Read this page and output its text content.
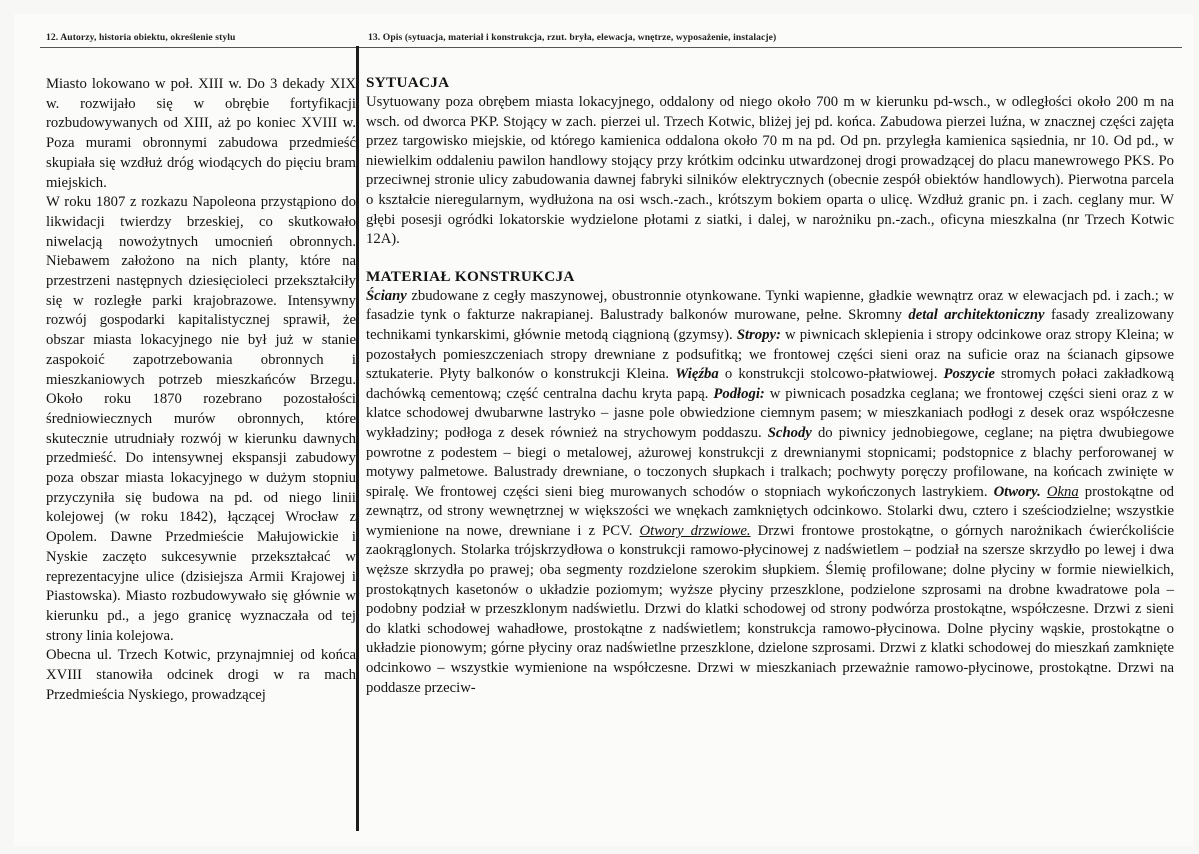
12. Autorzy, historia obiektu, określenie stylu	13. Opis (sytuacja, materiał i konstrukcja, rzut. bryła, elewacja, wnętrze, wyposażenie, instalacje)

Miasto lokowano w poł. XIII w. Do 3 dekady XIX w. rozwijało się w obrębie fortyfikacji rozbudowywanych od XIII, aż po koniec XVIII w. Poza murami obronnymi zabudowa przedmieść skupiała się wzdłuż dróg wiodących do pięciu bram miejskich.

W roku 1807 z rozkazu Napoleona przystąpiono do likwidacji twierdzy brzeskiej, co skutkowało niwelacją nowożytnych umocnień obronnych. Niebawem założono na nich planty, które na przestrzeni następnych dziesięcioleci przekształciły się w rozległe parki krajobrazowe. Intensywny rozwój gospodarki kapitalistycznej sprawił, że obszar miasta lokacyjnego nie był już w stanie zaspokoić zapotrzebowania obronnych i mieszkaniowych potrzeb mieszkańców Brzegu. Około roku 1870 rozebrano pozostałości średniowiecznych murów obronnych, które skutecznie utrudniały rozwój w kierunku dawnych przedmieść. Do intensywnej ekspansji zabudowy poza obszar miasta lokacyjnego w dużym stopniu przyczyniła się budowa na pd. od niego linii kolejowej (w roku 1842), łączącej Wrocław z Opolem. Dawne Przedmieście Małujowickie i Nyskie zaczęto sukcesywnie przekształcać w reprezentacyjne ulice (dzisiejsza Armii Krajowej i Piastowska). Miasto rozbudowywało się głównie w kierunku pd., a jego granicę wyznaczała od tej strony linia kolejowa.

Obecna ul. Trzech Kotwic, przynajmniej od końca XVIII stanowiła odcinek drogi w ra mach Przedmieścia Nyskiego, prowadzącej

SYTUACJA

Usytuowany poza obrębem miasta lokacyjnego, oddalony od niego około 700 m w kierunku pd-wsch., w odległości około 200 m na wsch. od dworca PKP. Stojący w zach. pierzei ul. Trzech Kotwic, bliżej jej pd. końca. Zabudowa pierzei luźna, w znacznej części zajęta przez targowisko miejskie, od którego kamienica oddalona około 70 m na pd. Od pn. przyległa kamienica sąsiednia, nr 10. Od pd., w niewielkim oddaleniu pawilon handlowy stojący przy krótkim odcinku utwardzonej drogi prowadzącej do placu manewrowego PKS. Po przeciwnej stronie ulicy zabudowania dawnej fabryki silników elektrycznych (obecnie zespół obiektów handlowych). Pierwotna parcela o kształcie nieregularnym, wydłużona na osi wsch.-zach., krótszym bokiem oparta o ulicę. Wzdłuż granic pn. i zach. ceglany mur. W głębi posesji ogródki lokatorskie wydzielone płotami z siatki, i dalej, w narożniku pn.-zach., oficyna mieszkalna (nr Trzech Kotwic 12A).

MATERIAŁ KONSTRUKCJA

Ściany zbudowane z cegły maszynowej, obustronnie otynkowane. Tynki wapienne, gładkie wewnątrz oraz w elewacjach pd. i zach.; w fasadzie tynk o fakturze nakrapianej. Balustrady balkonów murowane, pełne. Skromny detal architektoniczny fasady zrealizowany technikami tynkarskimi, głównie metodą ciągnioną (gzymsy). Stropy: w piwnicach sklepienia i stropy odcinkowe oraz stropy Kleina; w pozostałych pomieszczeniach stropy drewniane z podsufitką; we frontowej części sieni oraz na suficie oraz na ścianach gipsowe sztukaterie. Płyty balkonów o konstrukcji Kleina. Więźba o konstrukcji stolcowo-płatwiowej. Poszycie stromych połaci zakładkową dachówką cementową; część centralna dachu kryta papą. Podłogi: w piwnicach posadzka ceglana; we frontowej części sieni oraz z w klatce schodowej dwubarwne lastryko – jasne pole obwiedzione ciemnym pasem; w mieszkaniach podłogi z desek oraz współczesne wykładziny; podłoga z desek również na strychowym poddaszu. Schody do piwnicy jednobiegowe, ceglane; na piętra dwubiegowe powrotne z podestem – biegi o metalowej, ażurowej konstrukcji z drewnianymi stopnicami; podstopnice z blachy perforowanej w motywy palmetowe. Balustrady drewniane, o toczonych słupkach i tralkach; pochwyty poręczy profilowane, na końcach zwinięte w spiralę. We frontowej części sieni bieg murowanych schodów o stopniach wykończonych lastrykiem. Otwory. Okna prostokątne od zewnątrz, od strony wewnętrznej w większości we wnękach zamkniętych odcinkowo. Stolarki dwu, cztero i sześciodzielne; wszystkie wymienione na nowe, drewniane i z PCV. Otwory drzwiowe. Drzwi frontowe prostokątne, o górnych narożnikach ćwierćkoliście zaokrąglonych. Stolarka trójskrzydłowa o konstrukcji ramowo-płycinowej z nadświetlem – podział na szersze skrzydło po lewej i dwa węższe skrzydła po prawej; oba segmenty rozdzielone szerokim słupkiem. Ślemię profilowane; dolne płyciny w formie niewielkich, prostokątnych kasetonów o układzie poziomym; wyższe płyciny przeszklone, podzielone szprosami na drobne kwadratowe pola – podobny podział w przeszklonym nadświetlu. Drzwi do klatki schodowej od strony podwórza prostokątne, współczesne. Drzwi z sieni do klatki schodowej wahadłowe, prostokątne z nadświetlem; konstrukcja ramowo-płycinowa. Dolne płyciny wąskie, prostokątne o układzie pionowym; górne płyciny oraz nadświetlne przeszklone, dzielone szprosami. Drzwi z klatki schodowej do mieszkań zamknięte odcinkowo – wszystkie wymienione na współczesne. Drzwi w mieszkaniach przeważnie ramowo-płycinowe, prostokątne. Drzwi na poddasze przeciw-
